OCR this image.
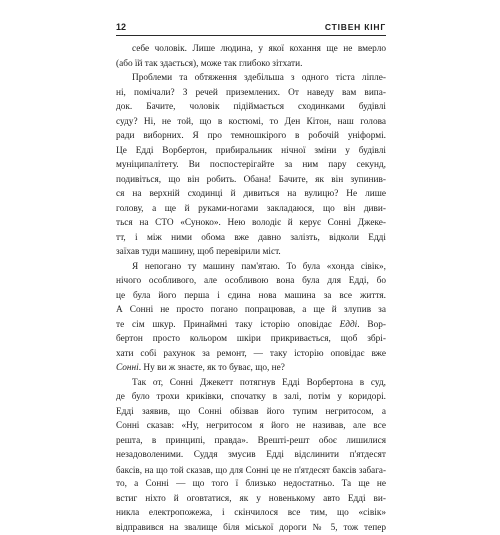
12	СТІВЕН КІНГ
себе чоловік. Лише людина, у якої кохання ще не вмерло
(або їй так здається), може так глибоко зітхати.
Проблеми та обтяження здебільша з одного тіста ліпле-
ні, помічали? З речей приземлених. От наведу вам випа-
док. Бачите, чоловік підіймається сходинками будівлі
суду? Ні, не той, що в костюмі, то Ден Кітон, наш голова
ради виборних. Я про темношкірого в робочій уніформі.
Це Едді Ворбертон, прибиральник нічної зміни у будівлі
муніципалітету. Ви поспостерігайте за ним пару секунд,
подивіться, що він робить. Обана! Бачите, як він зупинив-
ся на верхній сходинці й дивиться на вулицю? Не лише
голову, а ще й руками-ногами закладаюся, що він диви-
ться на СТО «Суноко». Нею володіє й керує Сонні Джеке-
тт, і між ними обома вже давно залізть, відколи Едді
заїхав туди машину, щоб перевірили міст.
Я непогано ту машину пам'ятаю. То була «хонда сівік»,
нічого особливого, але особливою вона була для Едді, бо
це була його перша і єдина нова машина за все життя.
А Сонні не просто погано попрацював, а ще й злупив за
те сім шкур. Принаймні таку історію оповідає Едді. Вор-
бертон просто кольором шкіри прикривається, щоб збрі-
хати собі рахунок за ремонт, — таку історію оповідає вже
Сонні. Ну ви ж знаєте, як то буває, що, не?
Так от, Сонні Джекетт потягнув Едді Ворбертона в суд,
де було трохи криківки, спочатку в залі, потім у коридорі.
Едді заявив, що Сонні обізвав його тупим негритосом, а
Сонні сказав: «Ну, негритосом я його не називав, але все
решта, в принципі, правда». Врешті-решт обоє лишилися
незадоволеними. Суддя змусив Едді відслинити п'ятдесят
баксів, на що той сказав, що для Сонні це не п'ятдесят баксів забага-
то, а Сонні — що того ї близько недостатньо. Та ще не
встиг ніхто й оговтатися, як у новенькому авто Едді ви-
никла електропожежа, і скінчилося все тим, що «сівік»
відправився на звалище біля міської дороги № 5, тож тепер
